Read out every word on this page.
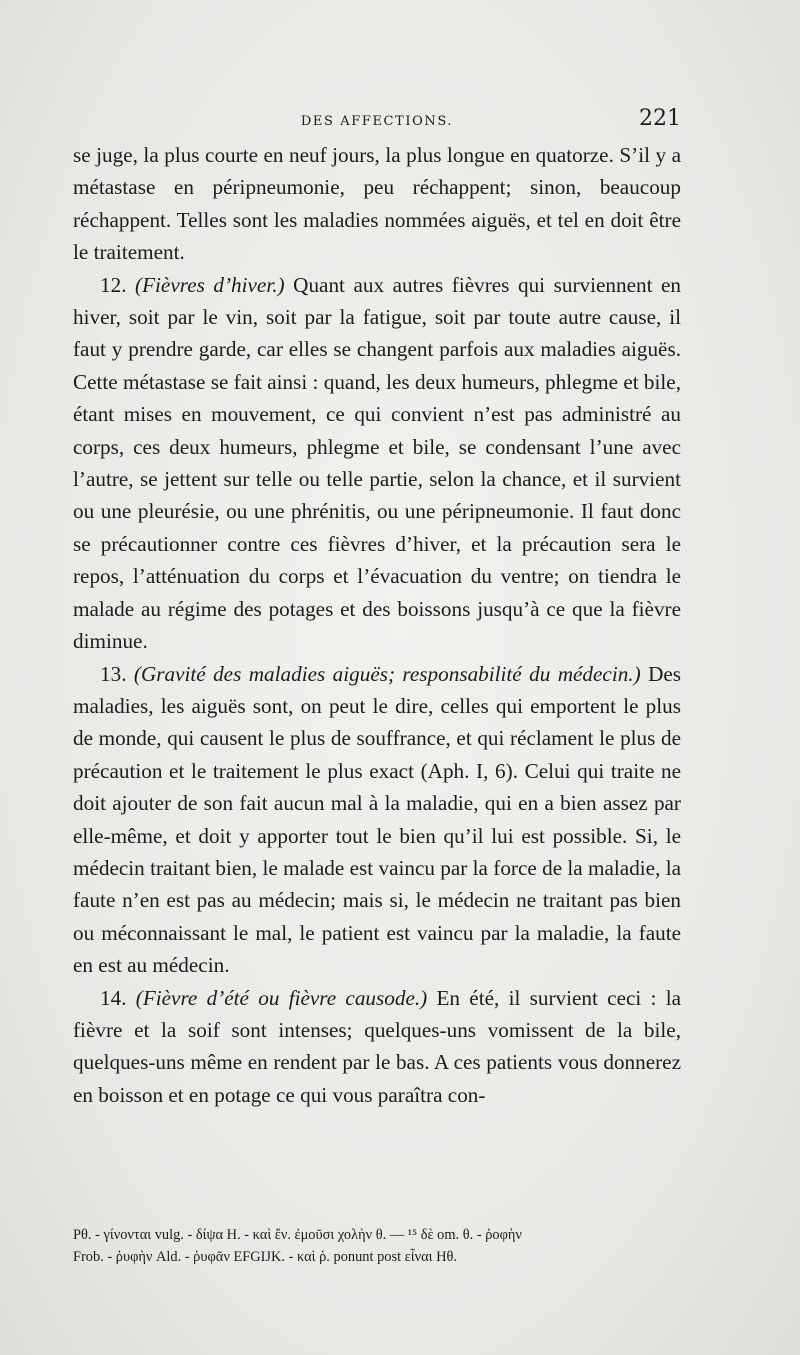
DES AFFECTIONS.	221

se juge, la plus courte en neuf jours, la plus longue en quatorze. S’il y a métastase en péripneumonie, peu réchappent; sinon, beaucoup réchappent. Telles sont les maladies nommées aiguës, et tel en doit être le traitement.

12. (Fièvres d’hiver.) Quant aux autres fièvres qui surviennent en hiver, soit par le vin, soit par la fatigue, soit par toute autre cause, il faut y prendre garde, car elles se changent parfois aux maladies aiguës. Cette métastase se fait ainsi : quand, les deux humeurs, phlegme et bile, étant mises en mouvement, ce qui convient n’est pas administré au corps, ces deux humeurs, phlegme et bile, se condensant l’une avec l’autre, se jettent sur telle ou telle partie, selon la chance, et il survient ou une pleurésie, ou une phrénitis, ou une péripneumonie. Il faut donc se précautionner contre ces fièvres d’hiver, et la précaution sera le repos, l’atténuation du corps et l’évacuation du ventre; on tiendra le malade au régime des potages et des boissons jusqu’à ce que la fièvre diminue.

13. (Gravité des maladies aiguës; responsabilité du médecin.) Des maladies, les aiguës sont, on peut le dire, celles qui emportent le plus de monde, qui causent le plus de souffrance, et qui réclament le plus de précaution et le traitement le plus exact (Aph. I, 6). Celui qui traite ne doit ajouter de son fait aucun mal à la maladie, qui en a bien assez par elle-même, et doit y apporter tout le bien qu’il lui est possible. Si, le médecin traitant bien, le malade est vaincu par la force de la maladie, la faute n’en est pas au médecin; mais si, le médecin ne traitant pas bien ou méconnaissant le mal, le patient est vaincu par la maladie, la faute en est au médecin.

14. (Fièvre d’été ou fièvre causode.) En été, il survient ceci : la fièvre et la soif sont intenses; quelques-uns vomissent de la bile, quelques-uns même en rendent par le bas. A ces patients vous donnerez en boisson et en potage ce qui vous paraîtra con-

Pθ. - γίνονται vulg. - δίψα H. - καὶ ἔν. ἐμοῦσι χολὴν θ. — ¹⁵ δὲ om. θ. - ῥοφὴν

Frob. - ῥυφὴν Ald. - ῥυφᾶν EFGIJK. - καὶ ῥ. ponunt post εἶναι Hθ.
